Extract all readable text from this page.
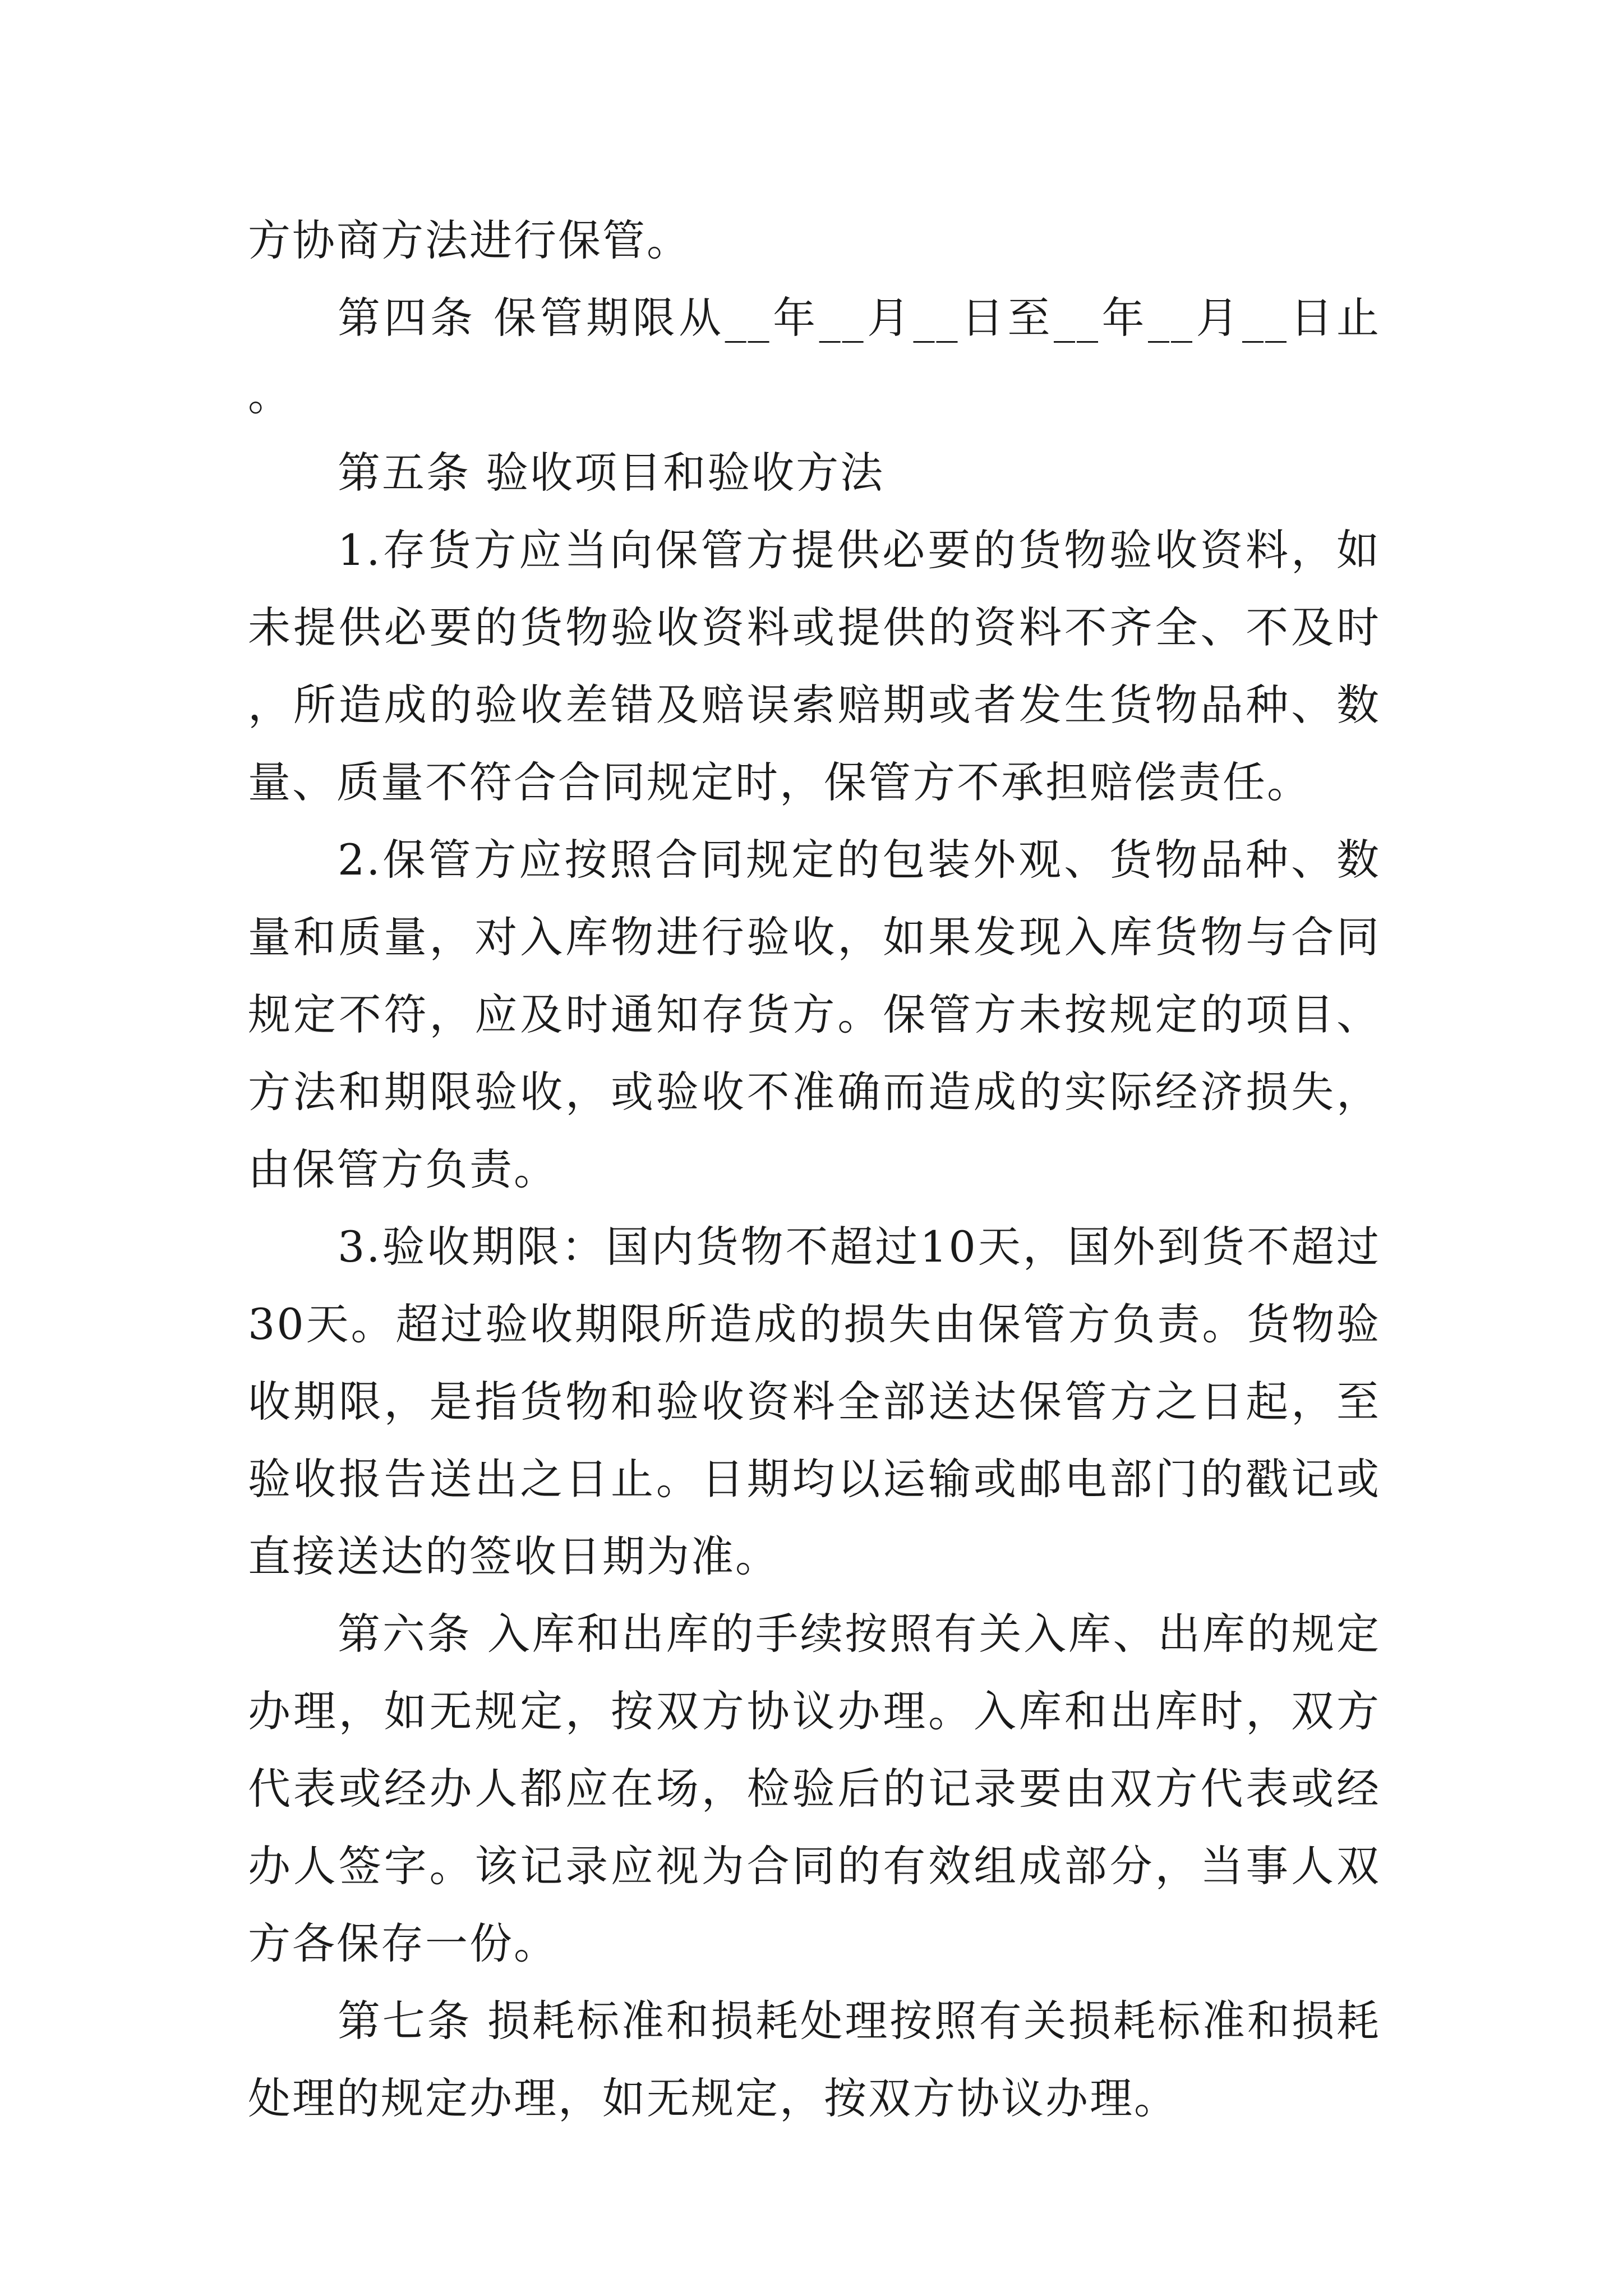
方协商方法进行保管。

第四条 保管期限从__年__月__日至__年__月__日止。

第五条 验收项目和验收方法

1.存货方应当向保管方提供必要的货物验收资料，如未提供必要的货物验收资料或提供的资料不齐全、不及时，所造成的验收差错及赔误索赔期或者发生货物品种、数量、质量不符合合同规定时，保管方不承担赔偿责任。

2.保管方应按照合同规定的包装外观、货物品种、数量和质量，对入库物进行验收，如果发现入库货物与合同规定不符，应及时通知存货方。保管方未按规定的项目、方法和期限验收，或验收不准确而造成的实际经济损失，由保管方负责。

3.验收期限：国内货物不超过10天，国外到货不超过30天。超过验收期限所造成的损失由保管方负责。货物验收期限，是指货物和验收资料全部送达保管方之日起，至验收报告送出之日止。日期均以运输或邮电部门的戳记或直接送达的签收日期为准。

第六条 入库和出库的手续按照有关入库、出库的规定办理，如无规定，按双方协议办理。入库和出库时，双方代表或经办人都应在场，检验后的记录要由双方代表或经办人签字。该记录应视为合同的有效组成部分，当事人双方各保存一份。

第七条 损耗标准和损耗处理按照有关损耗标准和损耗处理的规定办理，如无规定，按双方协议办理。
